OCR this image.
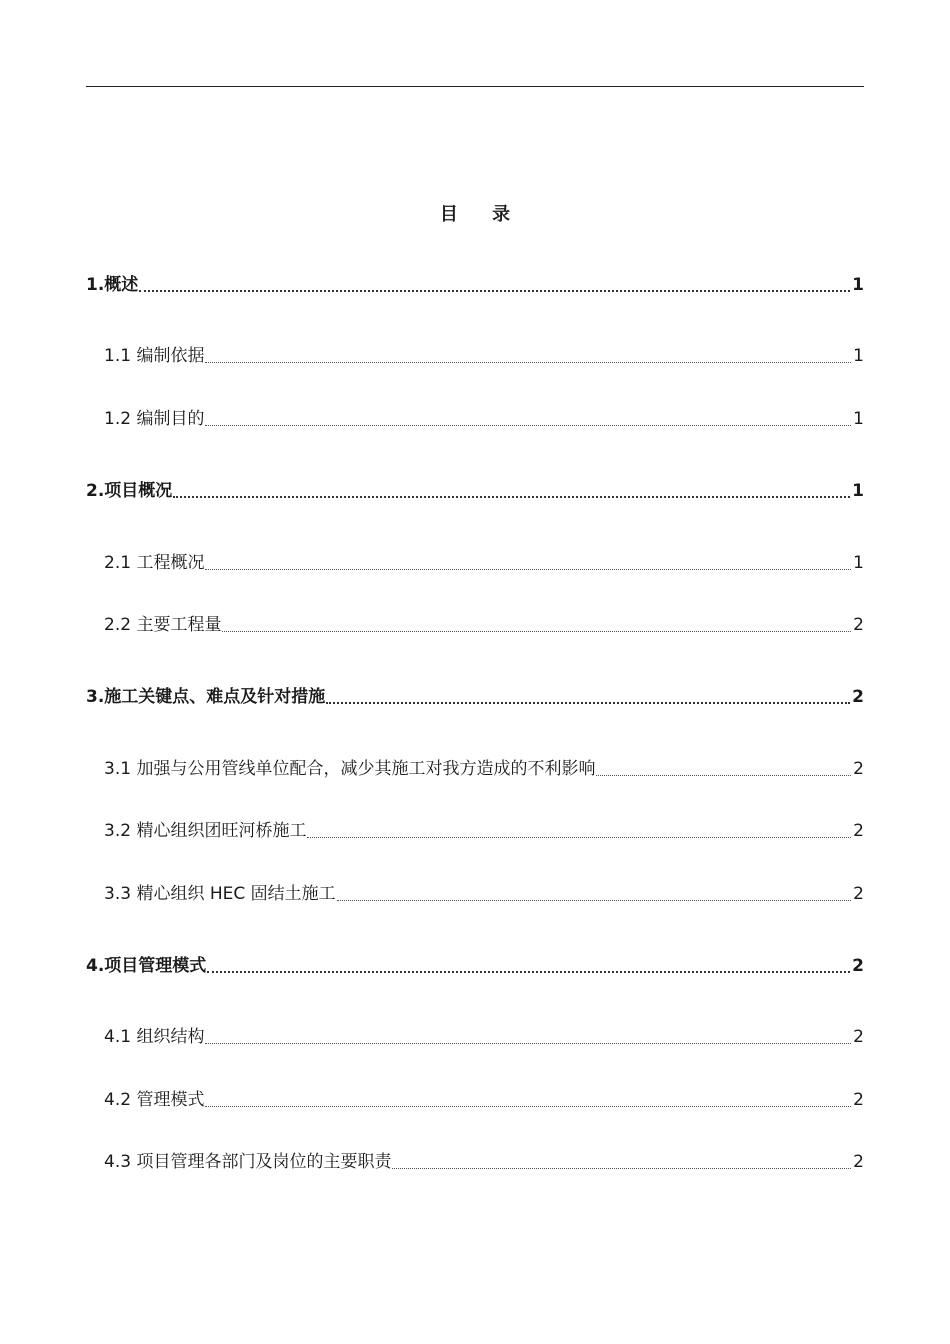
目 录
1.概述	1
1.1 编制依据	1
1.2 编制目的	1
2.项目概况	1
2.1 工程概况	1
2.2 主要工程量	2
3.施工关键点、难点及针对措施	2
3.1 加强与公用管线单位配合，减少其施工对我方造成的不利影响	2
3.2 精心组织团旺河桥施工	2
3.3 精心组织 HEC 固结土施工	2
4.项目管理模式	2
4.1 组织结构	2
4.2 管理模式	2
4.3 项目管理各部门及岗位的主要职责	2
